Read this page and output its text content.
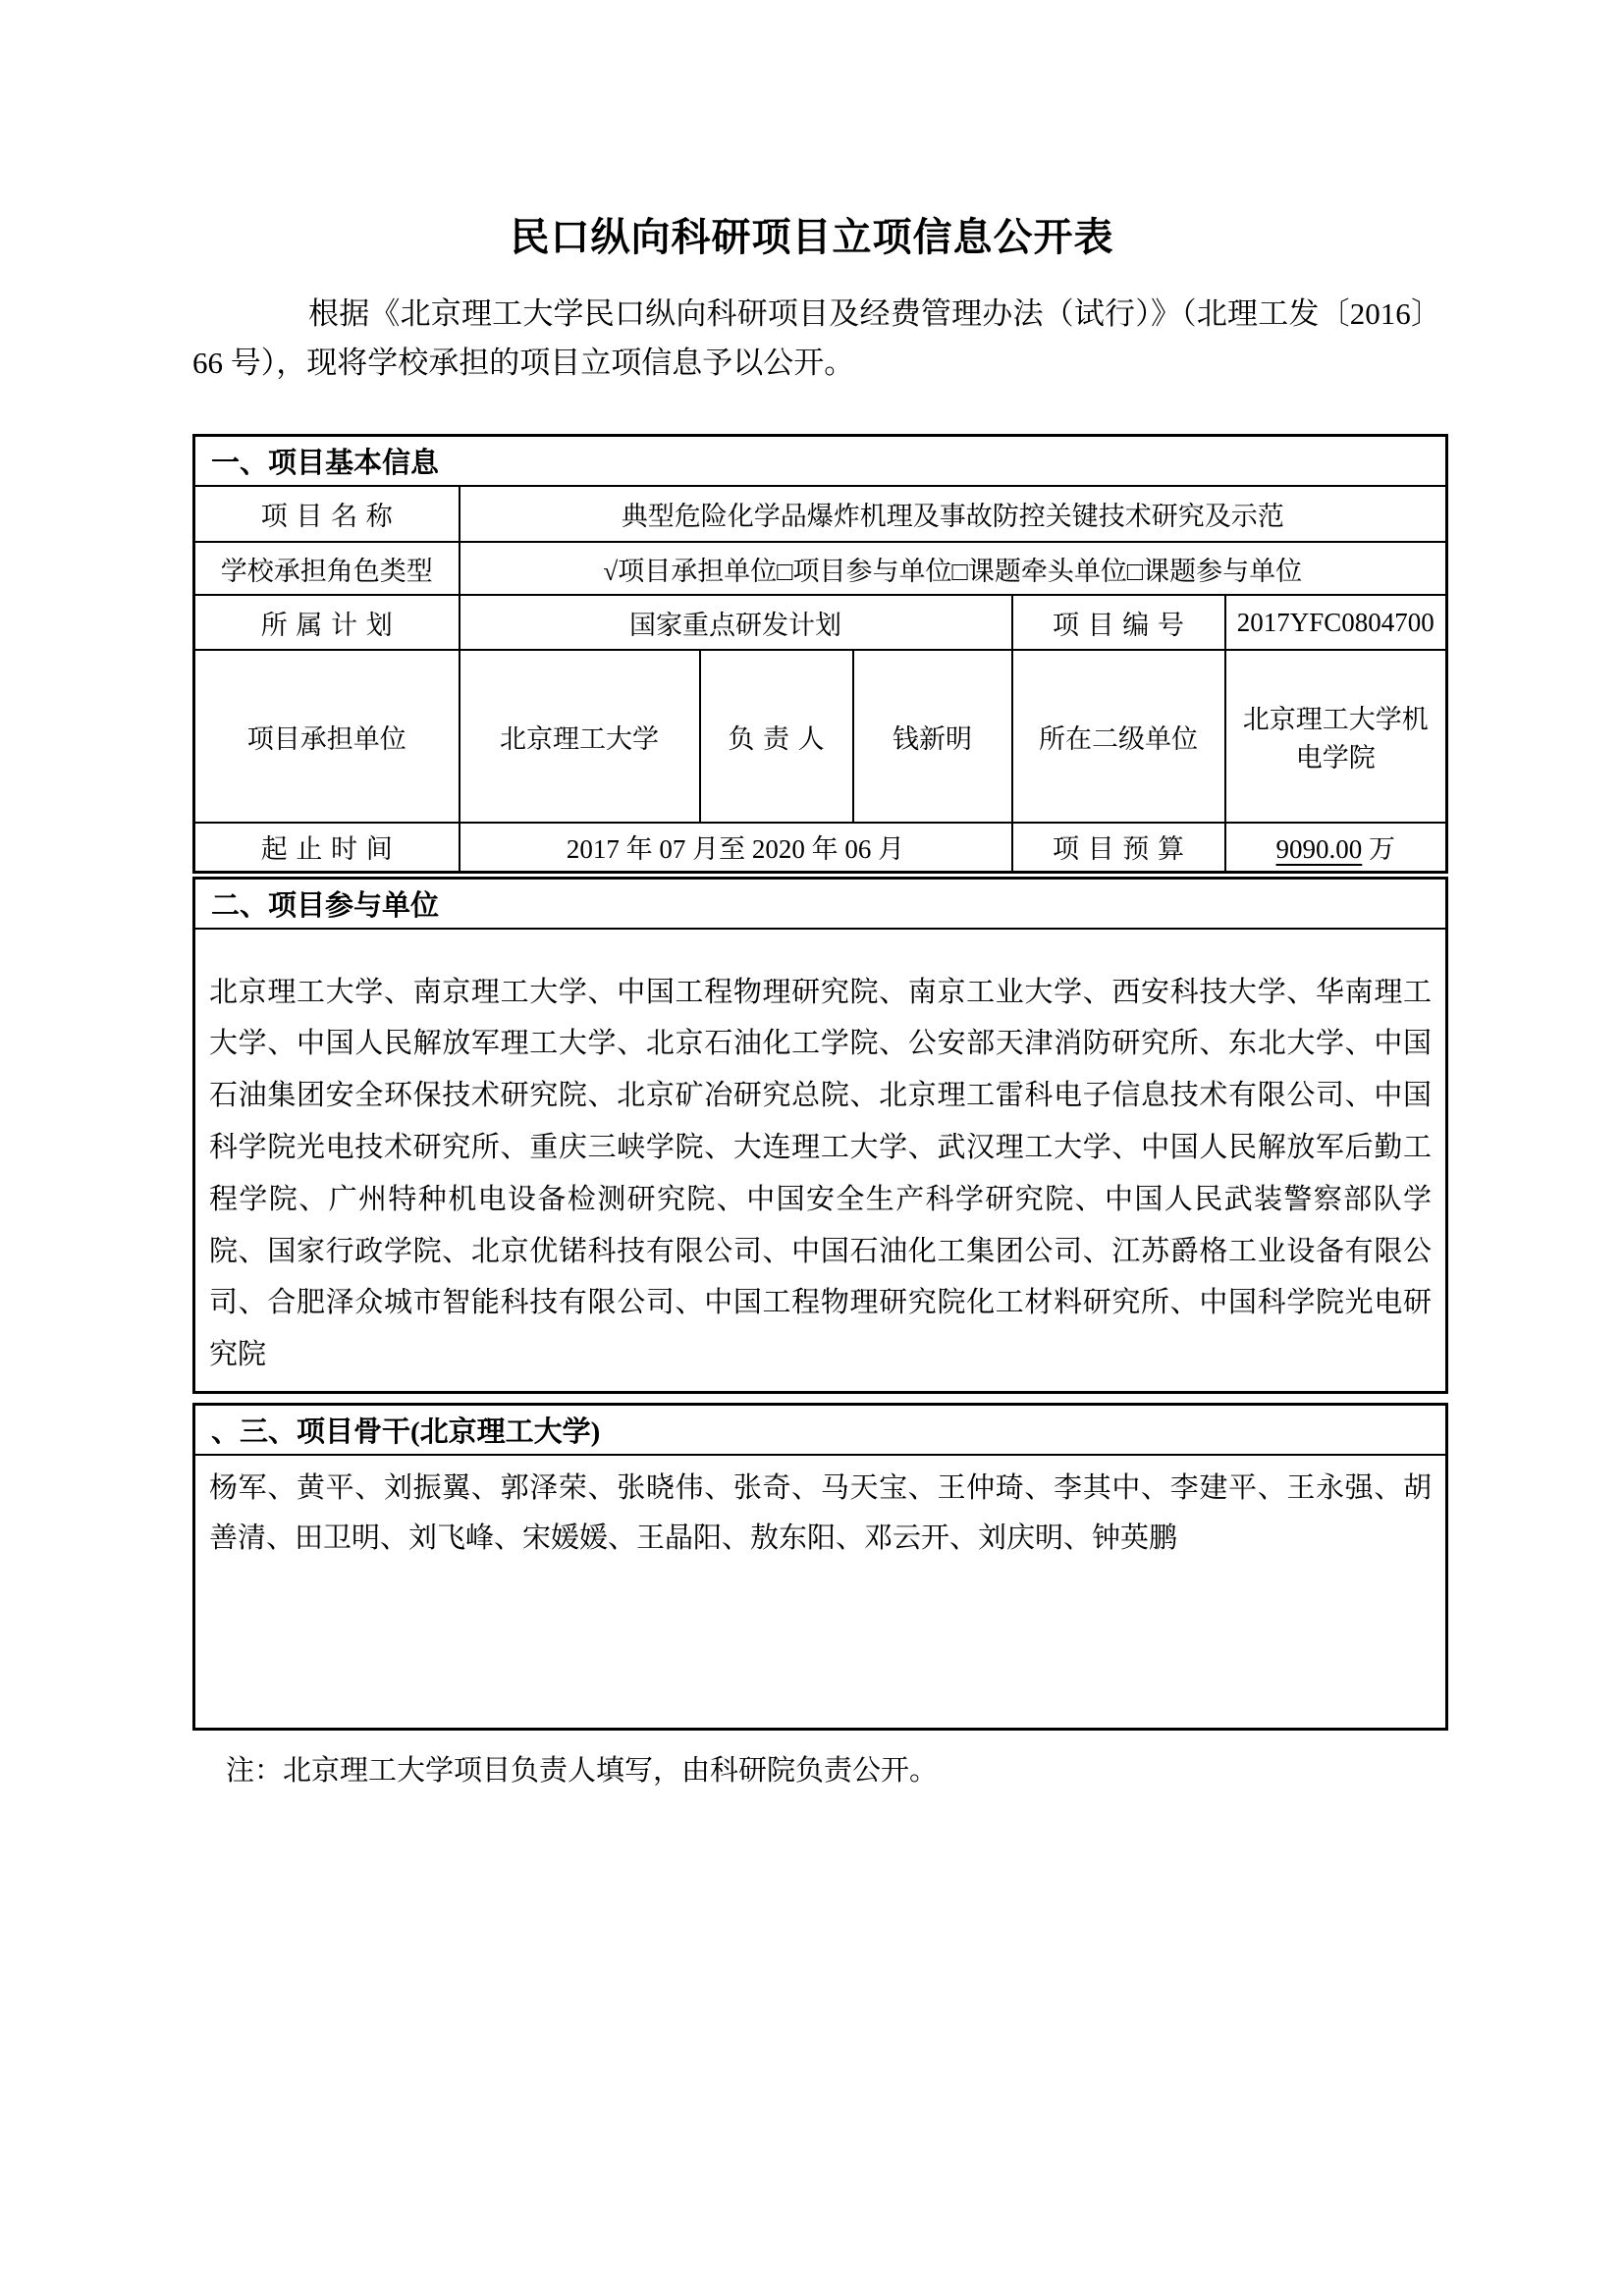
民口纵向科研项目立项信息公开表

根据《北京理工大学民口纵向科研项目及经费管理办法（试行）》（北理工发〔2016〕66 号），现将学校承担的项目立项信息予以公开。

一、项目基本信息					
项目名称	典型危险化学品爆炸机理及事故防控关键技术研究及示范				
学校承担角色类型	√项目承担单位□项目参与单位□课题牵头单位□课题参与单位				
所属计划	国家重点研发计划			项目编号	2017YFC0804700
项目承担单位	北京理工大学	负责人	钱新明	所在二级单位	北京理工大学机电学院
起止时间	2017 年 07 月至 2020 年 06 月			项目预算	9090.00 万
二、项目参与单位
北京理工大学、南京理工大学、中国工程物理研究院、南京工业大学、西安科技大学、华南理工大学、中国人民解放军理工大学、北京石油化工学院、公安部天津消防研究所、东北大学、中国石油集团安全环保技术研究院、北京矿冶研究总院、北京理工雷科电子信息技术有限公司、中国科学院光电技术研究所、重庆三峡学院、大连理工大学、武汉理工大学、中国人民解放军后勤工程学院、广州特种机电设备检测研究院、中国安全生产科学研究院、中国人民武装警察部队学院、国家行政学院、北京优锘科技有限公司、中国石油化工集团公司、江苏爵格工业设备有限公司、合肥泽众城市智能科技有限公司、中国工程物理研究院化工材料研究所、中国科学院光电研究院
、三、项目骨干(北京理工大学)
杨军、黄平、刘振翼、郭泽荣、张晓伟、张奇、马天宝、王仲琦、李其中、李建平、王永强、胡善清、田卫明、刘飞峰、宋媛媛、王晶阳、敖东阳、邓云开、刘庆明、钟英鹏

注：北京理工大学项目负责人填写，由科研院负责公开。
